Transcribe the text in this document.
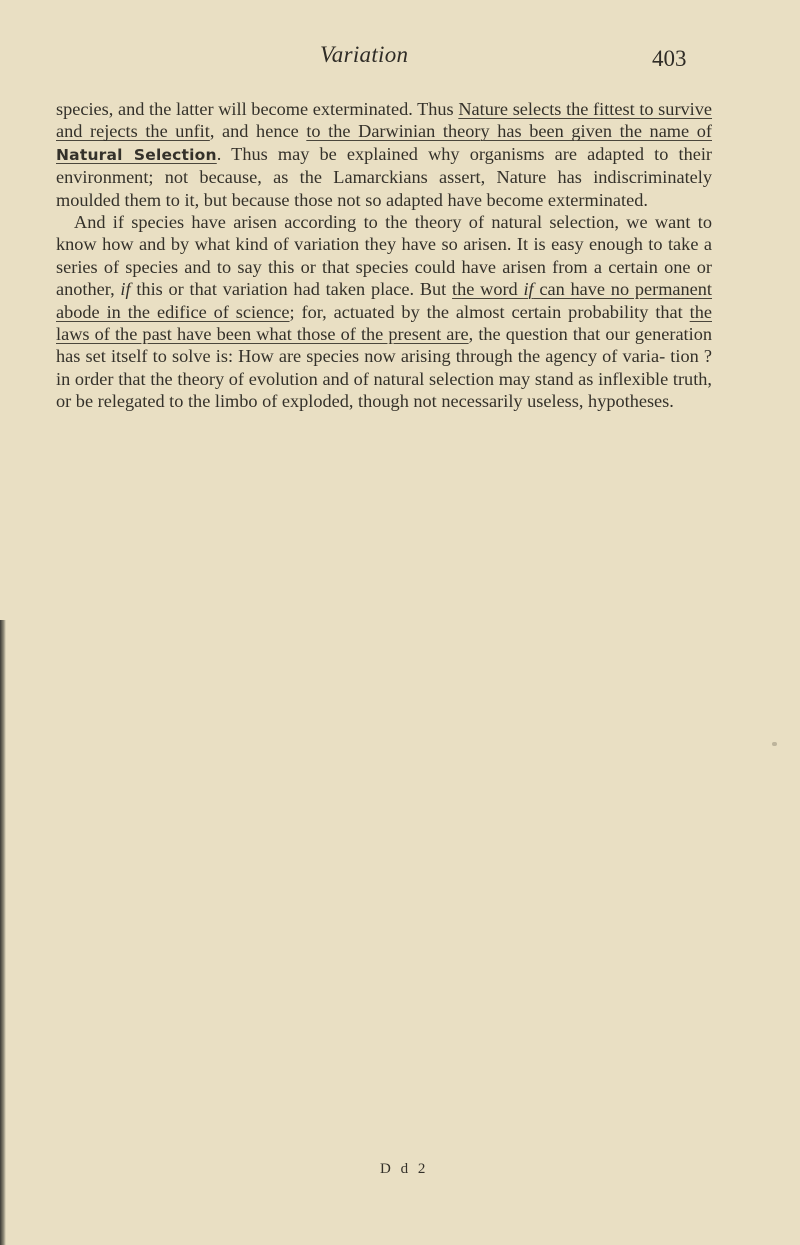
Variation	403

species, and the latter will become exterminated. Thus Nature selects the fittest to survive and rejects the unfit, and hence to the Darwinian theory has been given the name of Natural Selection. Thus may be explained why organisms are adapted to their environment; not because, as the Lamarckians assert, Nature has indiscriminately moulded them to it, but because those not so adapted have become exterminated.

And if species have arisen according to the theory of natural selection, we want to know how and by what kind of variation they have so arisen. It is easy enough to take a series of species and to say this or that species could have arisen from a certain one or another, if this or that variation had taken place. But the word if can have no permanent abode in the edifice of science; for, actuated by the almost certain probability that the laws of the past have been what those of the present are, the question that our generation has set itself to solve is: How are species now arising through the agency of varia- tion ? in order that the theory of evolution and of natural selection may stand as inflexible truth, or be relegated to the limbo of exploded, though not necessarily useless, hypotheses.

D d 2
